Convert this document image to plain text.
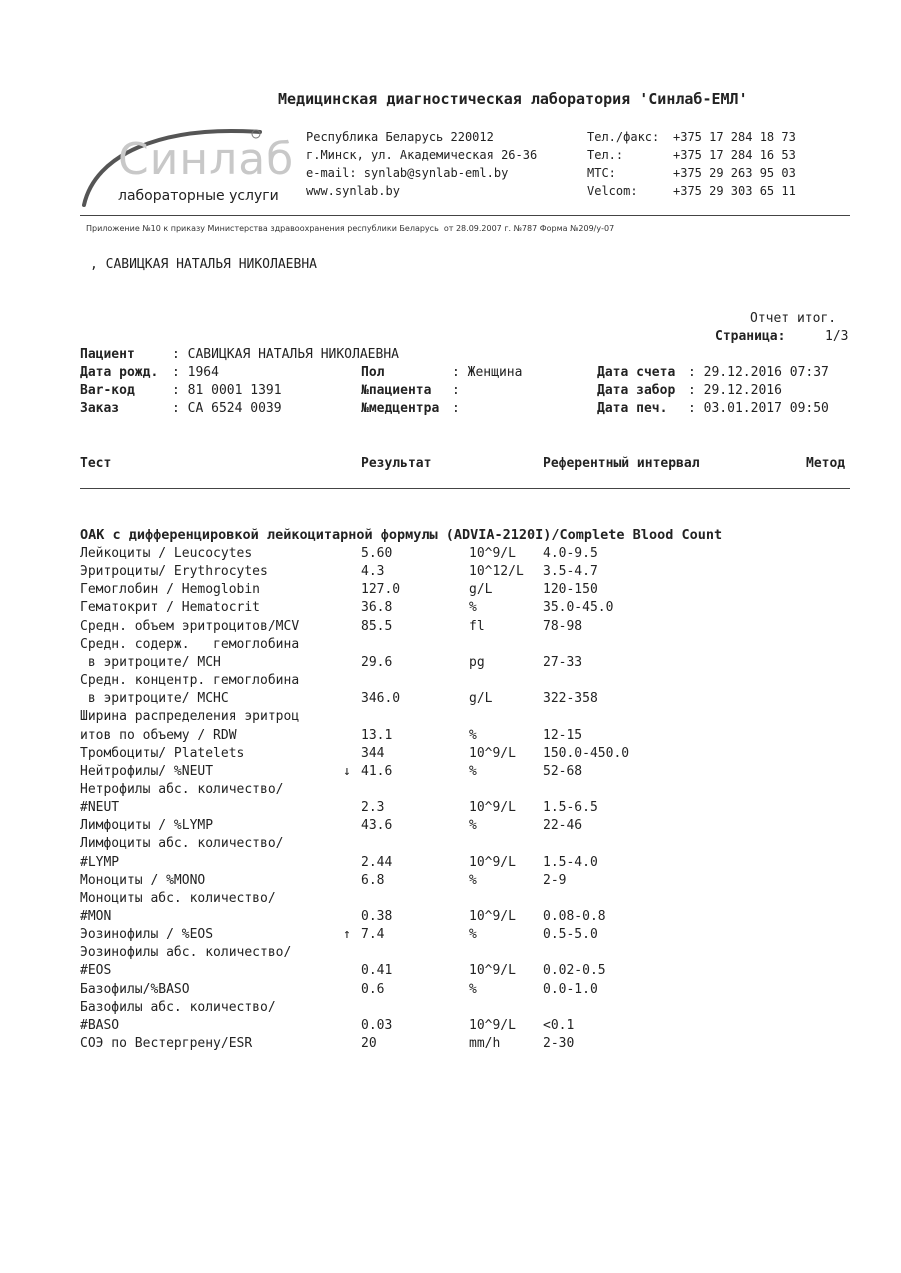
Медицинская диагностическая лаборатория 'Синлаб-ЕМЛ'
Синлаб
лабораторные услуги
Республика Беларусь 220012
г.Минск, ул. Академическая 26-36
e-mail: synlab@synlab-eml.by
www.synlab.by
Тел./факс: +375 17 284 18 73
Тел.:	+375 17 284 16 53
МТС:	+375 29 263 95 03
Velcom:	+375 29 303 65 11
Приложение №10 к приказу Министерства здравоохранения республики Беларусь  от 28.09.2007 г. №787 Форма №209/у-07
, САВИЦКАЯ НАТАЛЬЯ НИКОЛАЕВНА
Отчет итог.
Страница:	1/3
Пациент	: САВИЦКАЯ НАТАЛЬЯ НИКОЛАЕВНА
Дата рожд. : 1964	Пол	: Женщина	Дата счета : 29.12.2016 07:37
Bar-код	: 81 0001 1391	№пациента :	Дата забор : 29.12.2016
Заказ	: СА 6524 0039	№медцентра :	Дата печ. : 03.01.2017 09:50
Тест	Результат	Референтный интервал	Метод
ОАК с дифференцировкой лейкоцитарной формулы (ADVIA-2120I)/Complete Blood Count
Лейкоциты / Leucocytes	5.60	10^9/L 4.0-9.5
Эритроциты/ Erythrocytes	4.3	10^12/L 3.5-4.7
Гемоглобин / Hemoglobin	127.0	g/L	120-150
Гематокрит / Hematocrit	36.8	%	35.0-45.0
Средн. объем эритроцитов/MCV	85.5	fl	78-98
Средн. содерж.   гемоглобина
в эритроците/ MCH	29.6	pg	27-33
Средн. концентр. гемоглобина
в эритроците/ MCHC	346.0	g/L	322-358
Ширина распределения эритроц
итов по объему / RDW	13.1	%	12-15
Тромбоциты/ Platelets	344	10^9/L 150.0-450.0
Нейтрофилы/ %NEUT	↓ 41.6	%	52-68
Нетрофилы абс. количество/
#NEUT	2.3	10^9/L 1.5-6.5
Лимфоциты / %LYMP	43.6	%	22-46
Лимфоциты абс. количество/
#LYMP	2.44	10^9/L 1.5-4.0
Моноциты / %MONO	6.8	%	2-9
Моноциты абс. количество/
#MON	0.38	10^9/L 0.08-0.8
Эозинофилы / %EOS	↑ 7.4	%	0.5-5.0
Эозинофилы абс. количество/
#EOS	0.41	10^9/L 0.02-0.5
Базофилы/%BASO	0.6	%	0.0-1.0
Базофилы абс. количество/
#BASO	0.03	10^9/L <0.1
СОЭ по Вестергрену/ESR	20	mm/h	2-30
